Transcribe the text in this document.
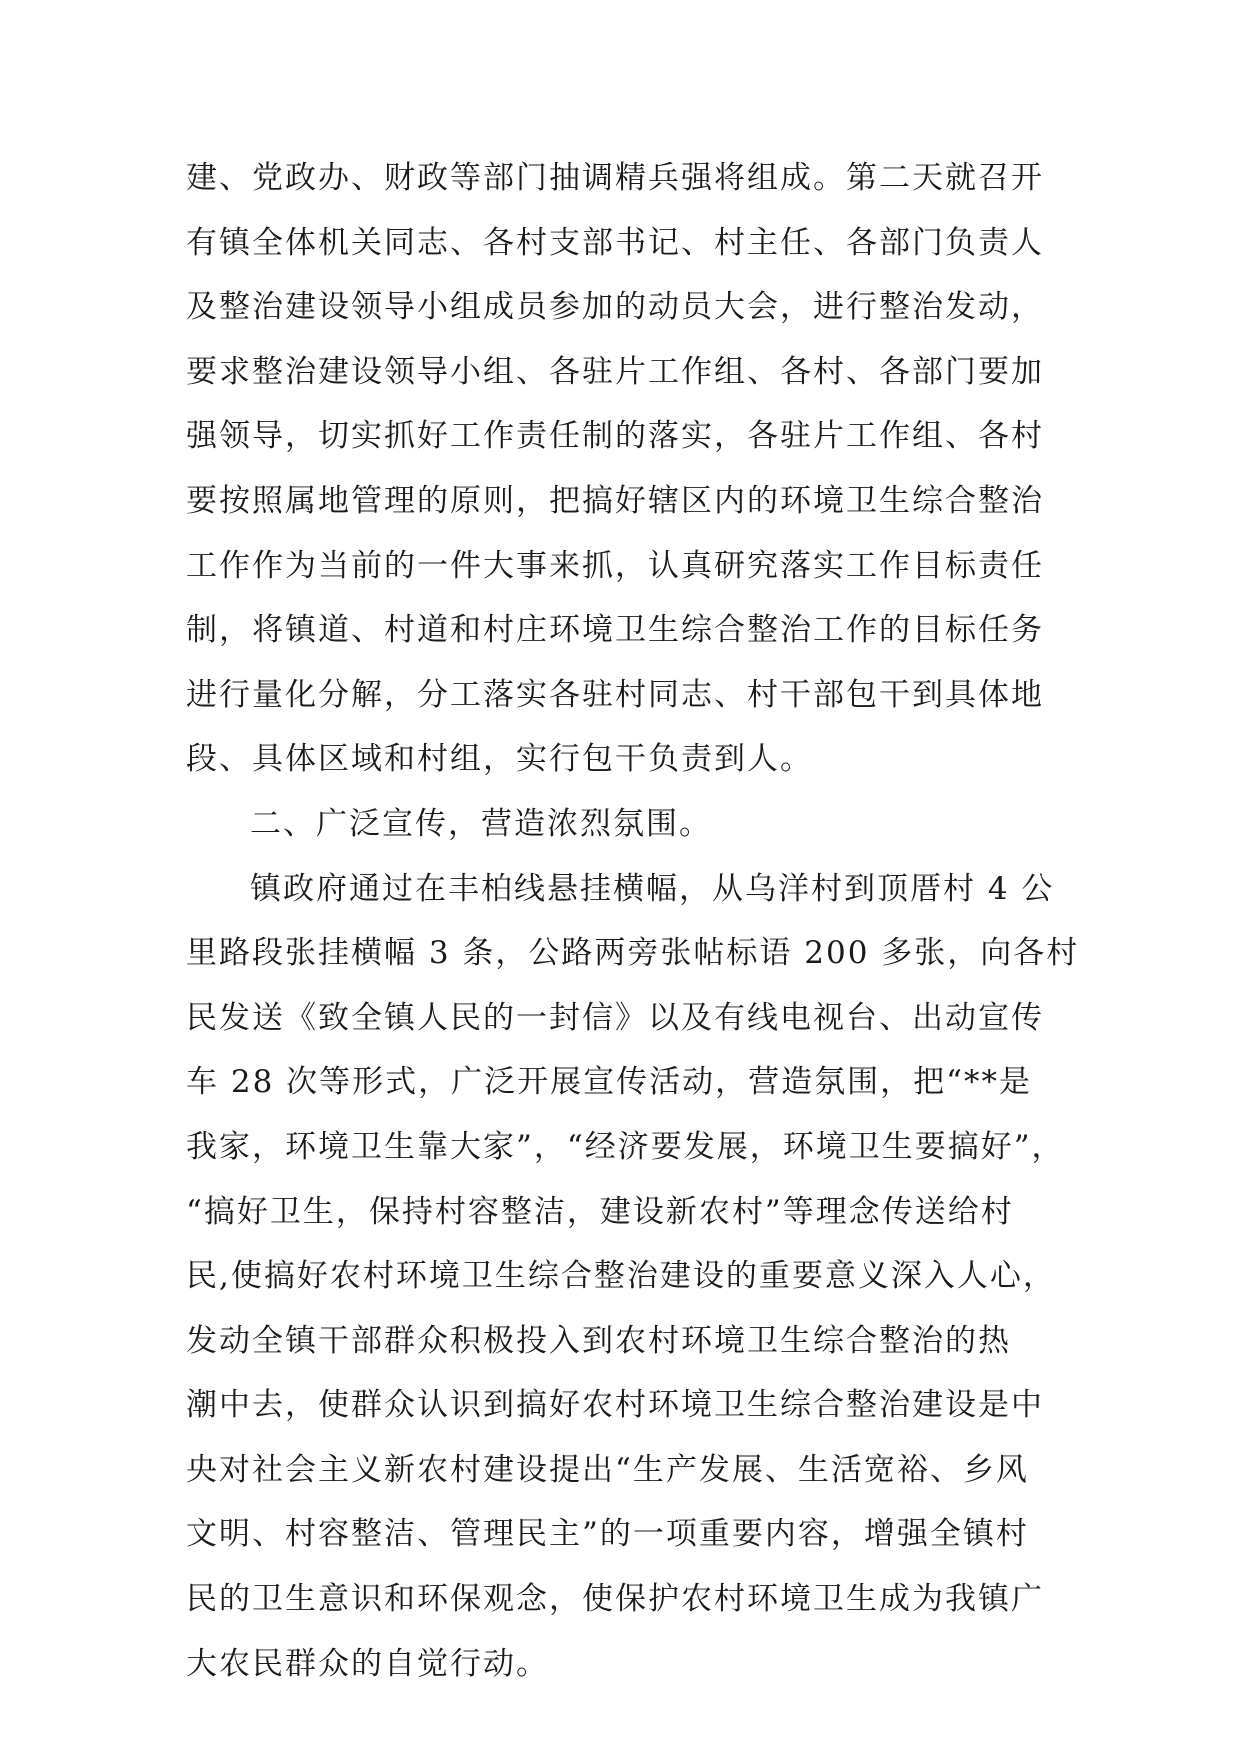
建、党政办、财政等部门抽调精兵强将组成。第二天就召开
有镇全体机关同志、各村支部书记、村主任、各部门负责人
及整治建设领导小组成员参加的动员大会，进行整治发动，
要求整治建设领导小组、各驻片工作组、各村、各部门要加
强领导，切实抓好工作责任制的落实，各驻片工作组、各村
要按照属地管理的原则，把搞好辖区内的环境卫生综合整治
工作作为当前的一件大事来抓，认真研究落实工作目标责任
制，将镇道、村道和村庄环境卫生综合整治工作的目标任务
进行量化分解，分工落实各驻村同志、村干部包干到具体地
段、具体区域和村组，实行包干负责到人。
二、广泛宣传，营造浓烈氛围。
镇政府通过在丰柏线悬挂横幅，从乌洋村到顶厝村 4 公
里路段张挂横幅 3 条，公路两旁张帖标语 200 多张，向各村
民发送《致全镇人民的一封信》以及有线电视台、出动宣传
车 28 次等形式，广泛开展宣传活动，营造氛围，把“**是
我家，环境卫生靠大家”，“经济要发展，环境卫生要搞好”，
“搞好卫生，保持村容整洁，建设新农村”等理念传送给村
民,使搞好农村环境卫生综合整治建设的重要意义深入人心，
发动全镇干部群众积极投入到农村环境卫生综合整治的热
潮中去，使群众认识到搞好农村环境卫生综合整治建设是中
央对社会主义新农村建设提出“生产发展、生活宽裕、乡风
文明、村容整洁、管理民主”的一项重要内容，增强全镇村
民的卫生意识和环保观念，使保护农村环境卫生成为我镇广
大农民群众的自觉行动。
